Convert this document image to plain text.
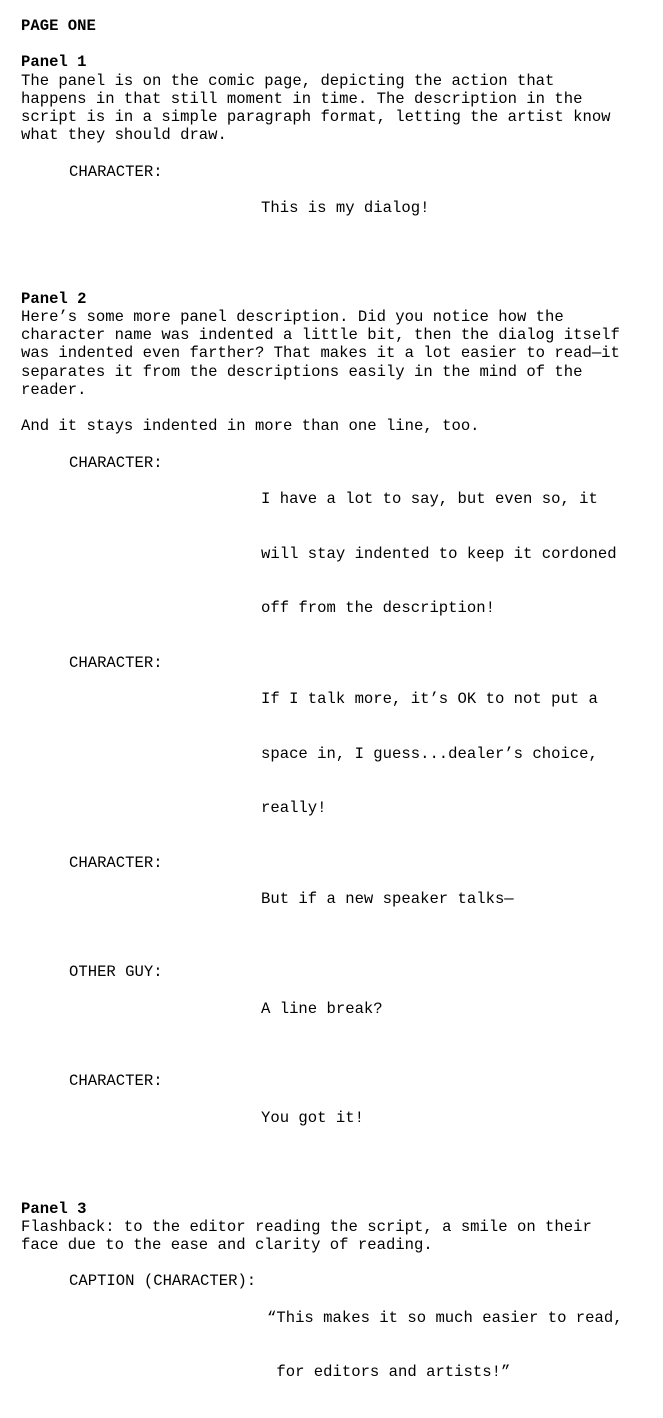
PAGE ONE
Panel 1
The panel is on the comic page, depicting the action that
happens in that still moment in time. The description in the
script is in a simple paragraph format, letting the artist know
what they should draw.
CHARACTER:

This is my dialog!

Panel 2
Here’s some more panel description. Did you notice how the
character name was indented a little bit, then the dialog itself
was indented even farther? That makes it a lot easier to read—it
separates it from the descriptions easily in the mind of the
reader.
And it stays indented in more than one line, too.
CHARACTER:

I have a lot to say, but even so, it

will stay indented to keep it cordoned

off from the description!

CHARACTER:

If I talk more, it’s OK to not put a

space in, I guess...dealer’s choice,

really!

CHARACTER:

But if a new speaker talks—

OTHER GUY:

A line break?

CHARACTER:

You got it!

Panel 3
Flashback: to the editor reading the script, a smile on their
face due to the ease and clarity of reading.
CAPTION (CHARACTER):

“This makes it so much easier to read,

for editors and artists!”
